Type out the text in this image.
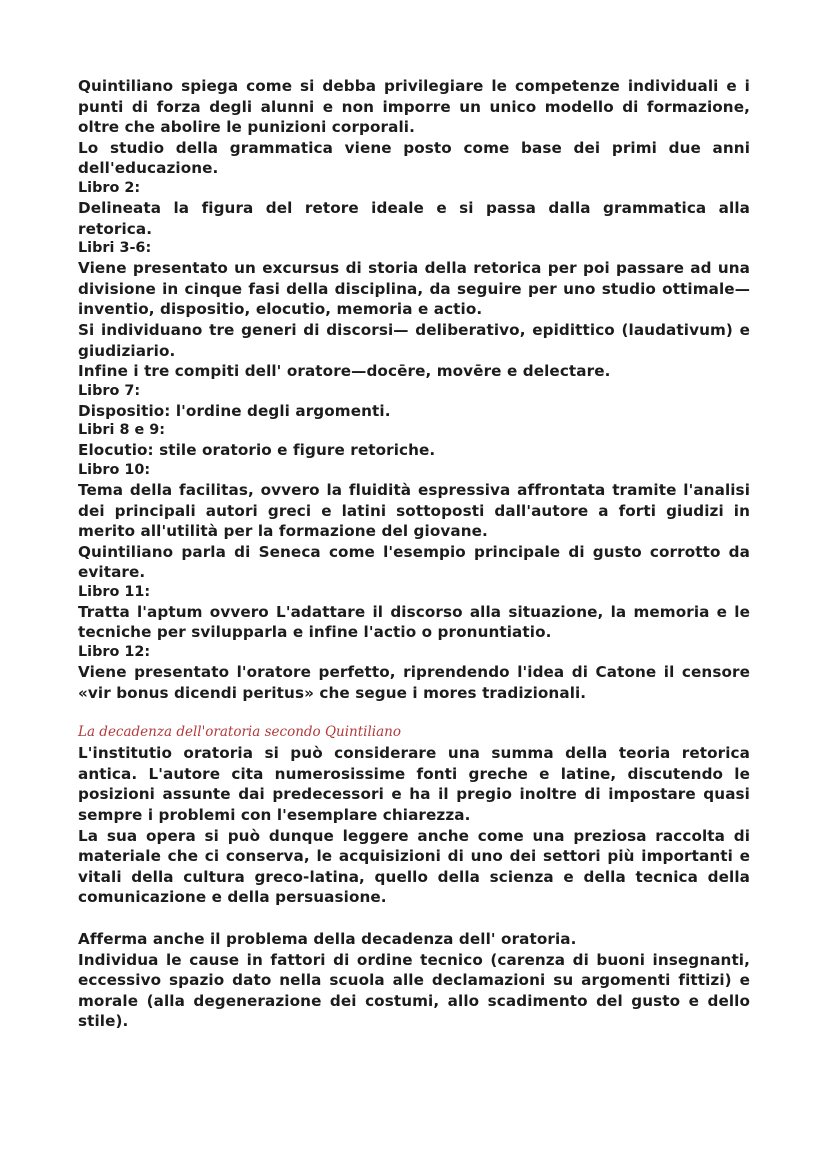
Quintiliano spiega come si debba privilegiare le competenze individuali e i punti di forza degli alunni e non imporre un unico modello di formazione, oltre che abolire le punizioni corporali.

Lo studio della grammatica viene posto come base dei primi due anni dell'educazione.

Libro 2:

Delineata la figura del retore ideale e si passa dalla grammatica alla retorica.

Libri 3-6:

Viene presentato un excursus di storia della retorica per poi passare ad una divisione in cinque fasi della disciplina, da seguire per uno studio ottimale— inventio, dispositio, elocutio, memoria e actio.

Si individuano tre generi di discorsi— deliberativo, epidittico (laudativum) e giudiziario.

Infine i tre compiti dell' oratore—docēre, movēre e delectare.

Libro 7:

Dispositio: l'ordine degli argomenti.

Libri 8 e 9:

Elocutio: stile oratorio e figure retoriche.

Libro 10:

Tema della facilitas, ovvero la fluidità espressiva affrontata tramite l'analisi dei principali autori greci e latini sottoposti dall'autore a forti giudizi in merito all'utilità per la formazione del giovane.

Quintiliano parla di Seneca come l'esempio principale di gusto corrotto da evitare.

Libro 11:

Tratta l'aptum ovvero L'adattare il discorso alla situazione, la memoria e le tecniche per svilupparla e infine l'actio o pronuntiatio.

Libro 12:

Viene presentato l'oratore perfetto, riprendendo l'idea di Catone il censore «vir bonus dicendi peritus» che segue i mores tradizionali.

La decadenza dell'oratoria secondo Quintiliano

L'institutio oratoria si può considerare una summa della teoria retorica antica. L'autore cita numerosissime fonti greche e latine, discutendo le posizioni assunte dai predecessori e ha il pregio inoltre di impostare quasi sempre i problemi con l'esemplare chiarezza.

La sua opera si può dunque leggere anche come una preziosa raccolta di materiale che ci conserva, le acquisizioni di uno dei settori più importanti e vitali della cultura greco-latina, quello della scienza e della tecnica della comunicazione e della persuasione.

Afferma anche il problema della decadenza dell' oratoria.

Individua le cause in fattori di ordine tecnico (carenza di buoni insegnanti, eccessivo spazio dato nella scuola alle declamazioni su argomenti fittizi) e morale (alla degenerazione dei costumi, allo scadimento del gusto e dello stile).
